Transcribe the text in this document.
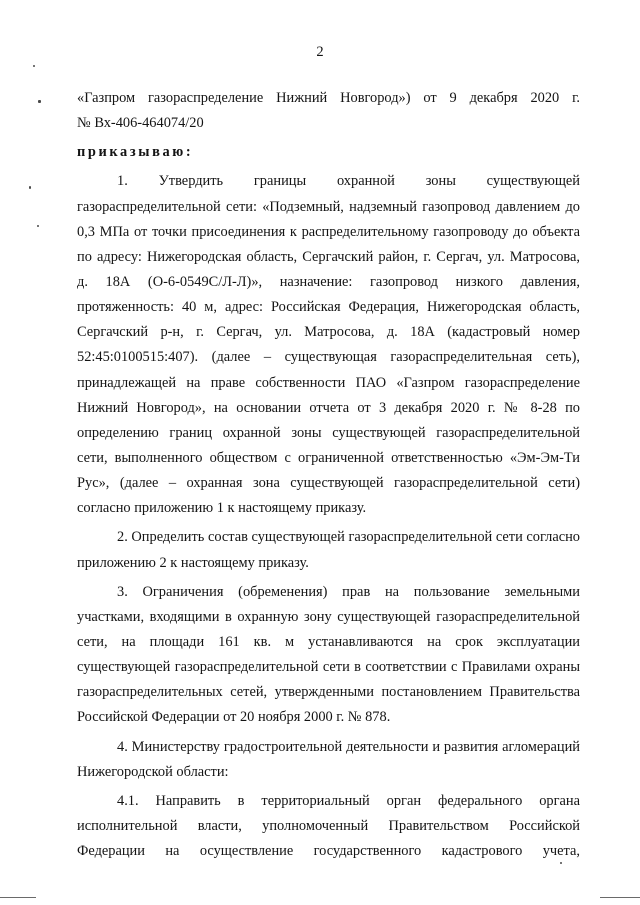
2
«Газпром газораспределение Нижний Новгород») от 9 декабря 2020 г.
№ Вх-406-464074/20
приказываю:
1. Утвердить границы охранной зоны существующей
газораспределительной сети: «Подземный, надземный газопровод давлением до
0,3 МПа от точки присоединения к распределительному газопроводу до объекта
по адресу: Нижегородская область, Сергачский район, г. Сергач, ул. Матросова,
д. 18А (О-6-0549С/Л-Л)», назначение: газопровод низкого давления,
протяженность: 40 м, адрес: Российская Федерация, Нижегородская область,
Сергачский р-н, г. Сергач, ул. Матросова, д. 18А (кадастровый номер
52:45:0100515:407). (далее – существующая газораспределительная сеть),
принадлежащей на праве собственности ПАО «Газпром газораспределение
Нижний Новгород», на основании отчета от 3 декабря 2020 г. № 8-28 по
определению границ охранной зоны существующей газораспределительной
сети, выполненного обществом с ограниченной ответственностью «Эм-Эм-Ти
Рус», (далее – охранная зона существующей газораспределительной сети)
согласно приложению 1 к настоящему приказу.
2. Определить состав существующей газораспределительной сети согласно
приложению 2 к настоящему приказу.
3. Ограничения (обременения) прав на пользование земельными
участками, входящими в охранную зону существующей газораспределительной
сети, на площади 161 кв. м устанавливаются на срок эксплуатации
существующей газораспределительной сети в соответствии с Правилами охраны
газораспределительных сетей, утвержденными постановлением Правительства
Российской Федерации от 20 ноября 2000 г. № 878.
4. Министерству градостроительной деятельности и развития агломераций
Нижегородской области:
4.1. Направить в территориальный орган федерального органа
исполнительной власти, уполномоченный Правительством Российской
Федерации на осуществление государственного кадастрового учета,
